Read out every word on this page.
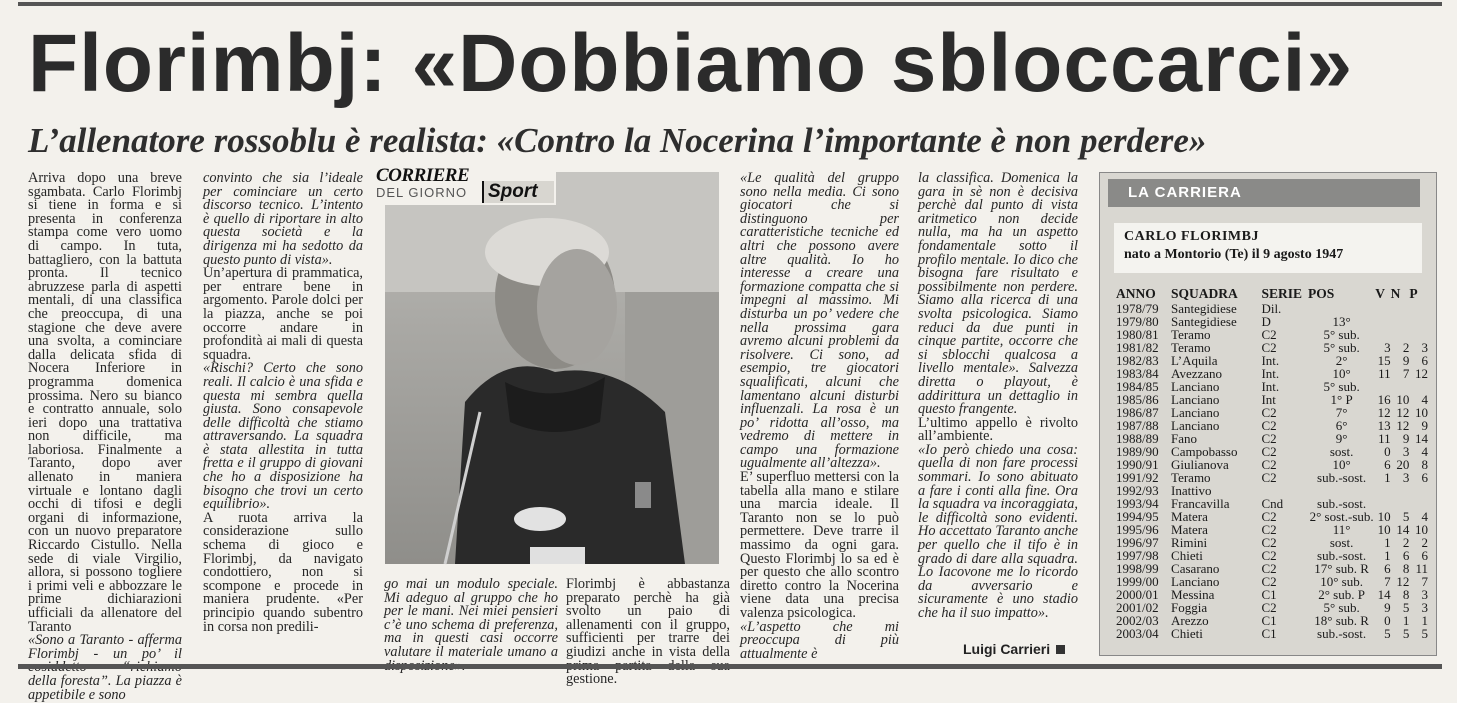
Florimbj: «Dobbiamo sbloccarci»
L’allenatore rossoblu è realista: «Contro la Nocerina l’importante è non perdere»

Arriva dopo una breve sgambata. Carlo Florimbj si tiene in forma e si presenta in conferenza stampa come vero uomo di campo. In tuta, battagliero, con la battuta pronta. Il tecnico abruzzese parla di aspetti mentali, di una classifica che preoccupa, di una stagione che deve avere una svolta, a cominciare dalla delicata sfida di Nocera Inferiore in programma domenica prossima. Nero su bianco e contratto annuale, solo ieri dopo una trattativa non difficile, ma laboriosa. Finalmente a Taranto, dopo aver allenato in maniera virtuale e lontano dagli occhi di tifosi e degli organi di informazione, con un nuovo preparatore Riccardo Cistullo. Nella sede di viale Virgilio, allora, si possono togliere i primi veli e abbozzare le prime dichiarazioni ufficiali da allenatore del Taranto

«Sono a Taranto - afferma Florimbj - un po’ il della foresta”. La piazza è appetibile e sono

convinto che sia l’ideale per cominciare un certo discorso tecnico. L’intento è quello di riportare in alto questa società e la dirigenza mi ha sedotto da questo punto di vista».

Un’apertura di prammatica, per entrare bene in argomento. Parole dolci per la piazza, anche se poi occorre andare in profondità ai mali di questa squadra.

«Rischi? Certo che sono reali. Il calcio è una sfida e questa mi sembra quella giusta. Sono consapevole delle difficoltà che stiamo attraversando. La squadra è stata allestita in tutta fretta e il gruppo di giovani che ho a disposizione ha bisogno che trovi un certo equilibrio».

A ruota arriva la considerazione sullo schema di gioco e Florimbj, da navigato condottiero, non si scompone e procede in maniera prudente. «Per principio quando subentro in corsa non predili-

CORRIERE
DEL GIORNO	Sport

go mai un modulo speciale. Mi adeguo al gruppo che ho per le mani. Nei miei pensieri c’è uno schema di preferenza, ma in questi casi occorre valutare il materiale umano a

Florimbj è abbastanza preparato perchè ha già svolto un paio di allenamenti con il gruppo, sufficienti per trarre dei giudizi anche in vista della gestione.

«Le qualità del gruppo sono nella media. Ci sono giocatori che si distinguono per caratteristiche tecniche ed altri che possono avere altre qualità. Io ho interesse a creare una formazione compatta che si impegni al massimo. Mi disturba un po’ vedere che nella prossima gara avremo alcuni problemi da risolvere. Ci sono, ad esempio, tre giocatori squalificati, alcuni che lamentano alcuni disturbi influenzali. La rosa è un po’ ridotta all’osso, ma vedremo di mettere in campo una formazione ugualmente all’altezza».

E’ superfluo mettersi con la tabella alla mano e stilare una marcia ideale. Il Taranto non se lo può permettere. Deve trarre il massimo da ogni gara. Questo Florimbj lo sa ed è per questo che allo scontro diretto contro la Nocerina viene data una precisa valenza psicologica.

«L’aspetto che mi preoccupa di più attualmente è

la classifica. Domenica la gara in sè non è decisiva perchè dal punto di vista aritmetico non decide nulla, ma ha un aspetto fondamentale sotto il profilo mentale. Io dico che bisogna fare risultato e possibilmente non perdere. Siamo alla ricerca di una svolta psicologica. Siamo reduci da due punti in cinque partite, occorre che si sblocchi qualcosa a livello mentale». Salvezza diretta o playout, è addirittura un dettaglio in questo frangente.

L’ultimo appello è rivolto all’ambiente.

«Io però chiedo una cosa: quella di non fare processi sommari. Io sono abituato a fare i conti alla fine. Ora la squadra va incoraggiata, le difficoltà sono evidenti. Ho accettato Taranto anche per quello che il tifo è in grado di dare alla squadra. Lo Iacovone me lo ricordo da avversario e sicuramente è uno stadio che ha il suo impatto».

Luigi Carrieri
LA CARRIERA
CARLO FLORIMBJ
nato a Montorio (Te) il 9 agosto 1947
ANNO	SQUADRA	SERIE	POS	V	N	P
1978/79	Santegidiese	Dil.				
1979/80	Santegidiese	D	13°			
1980/81	Teramo	C2	5° sub.			
1981/82	Teramo	C2	5° sub.	3	2	3
1982/83	L’Aquila	Int.	2°	15	9	6
1983/84	Avezzano	Int.	10°	11	7	12
1984/85	Lanciano	Int.	5° sub.			
1985/86	Lanciano	Int	1° P	16	10	4
1986/87	Lanciano	C2	7°	12	12	10
1987/88	Lanciano	C2	6°	13	12	9
1988/89	Fano	C2	9°	11	9	14
1989/90	Campobasso	C2	sost.	0	3	4
1990/91	Giulianova	C2	10°	6	20	8
1991/92	Teramo	C2	sub.-sost.	1	3	6
1992/93	Inattivo					
1993/94	Francavilla	Cnd	sub.-sost.			
1994/95	Matera	C2	2° sost.-sub.	10	5	4
1995/96	Matera	C2	11°	10	14	10
1996/97	Rimini	C2	sost.	1	2	2
1997/98	Chieti	C2	sub.-sost.	1	6	6
1998/99	Casarano	C2	17° sub. R	6	8	11
1999/00	Lanciano	C2	10° sub.	7	12	7
2000/01	Messina	C1	2° sub. P	14	8	3
2001/02	Foggia	C2	5° sub.	9	5	3
2002/03	Arezzo	C1	18° sub. R	0	1	1
2003/04	Chieti	C1	sub.-sost.	5	5	5
